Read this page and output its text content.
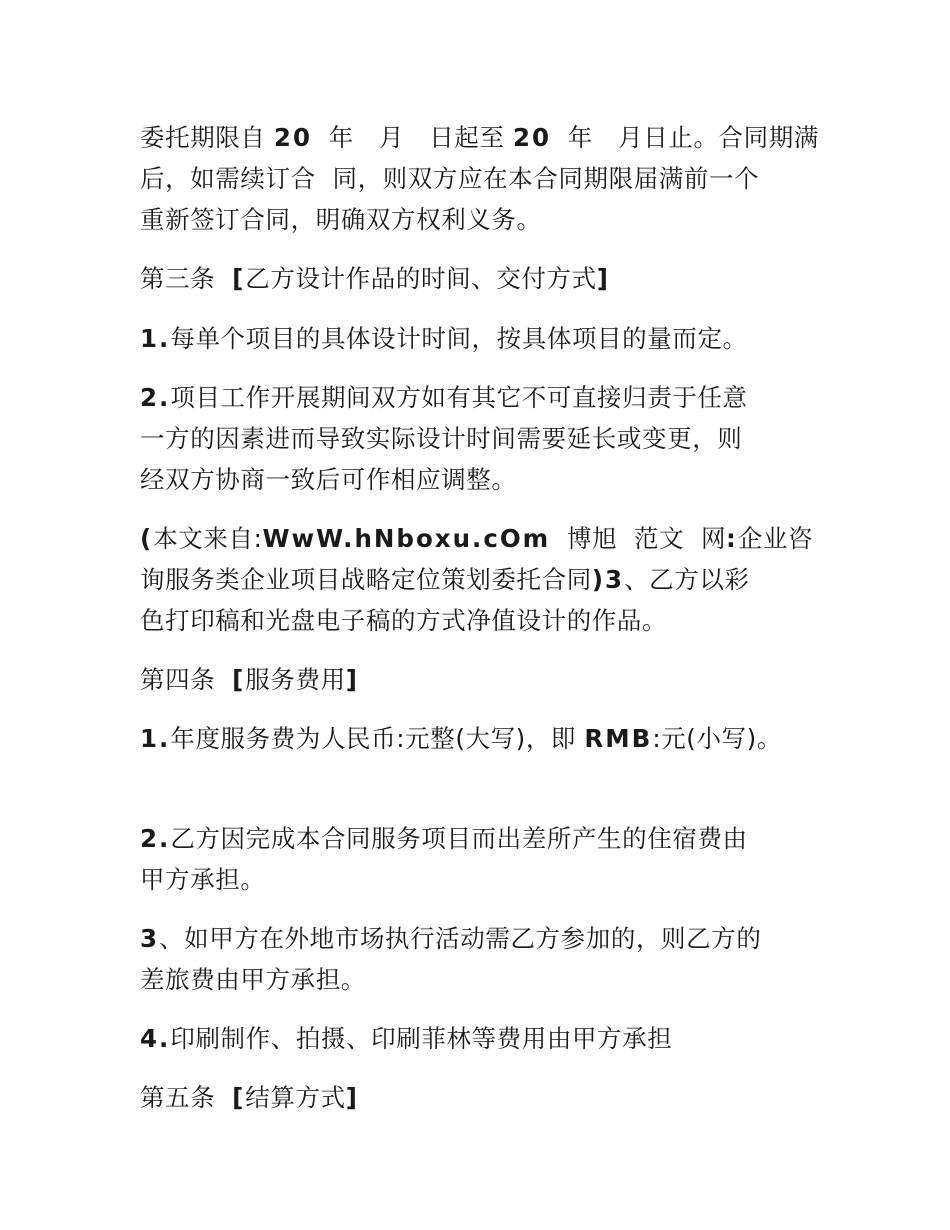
委托期限自 20  年   月   日起至 20  年   月日止。合同期满
后，如需续订合  同，则双方应在本合同期限届满前一个
重新签订合同，明确双方权利义务。
第三条  [乙方设计作品的时间、交付方式]
1.每单个项目的具体设计时间，按具体项目的量而定。
2.项目工作开展期间双方如有其它不可直接归责于任意
一方的因素进而导致实际设计时间需要延长或变更，则
经双方协商一致后可作相应调整。
(本文来自:WwW.hNboxu.cOm  博旭  范文  网:企业咨
询服务类企业项目战略定位策划委托合同)3、乙方以彩
色打印稿和光盘电子稿的方式净值设计的作品。
第四条  [服务费用]
1.年度服务费为人民币:元整(大写)，即 RMB:元(小写)。
2.乙方因完成本合同服务项目而出差所产生的住宿费由
甲方承担。
3、如甲方在外地市场执行活动需乙方参加的，则乙方的
差旅费由甲方承担。
4.印刷制作、拍摄、印刷菲林等费用由甲方承担
第五条  [结算方式]
